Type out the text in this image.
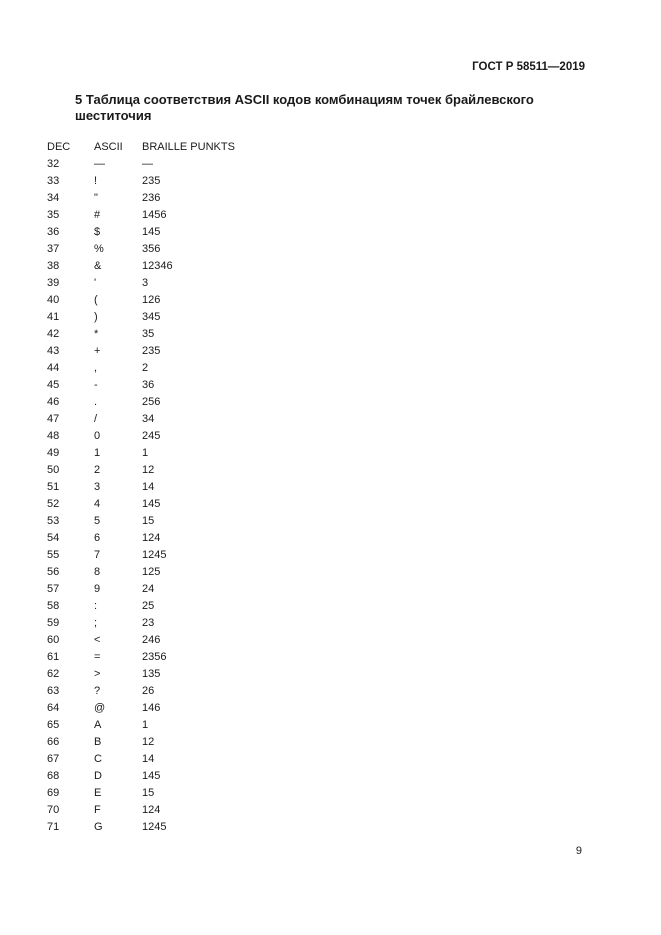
ГОСТ Р 58511—2019
5 Таблица соответствия ASCII кодов комбинациям точек брайлевского шеститочия
DEC	ASCII	BRAILLE PUNKTS
32	—	—
33	!	235
34	"	236
35	#	1456
36	$	145
37	%	356
38	&	12346
39	'	3
40	(	126
41	)	345
42	*	35
43	+	235
44	,	2
45	-	36
46	.	256
47	/	34
48	0	245
49	1	1
50	2	12
51	3	14
52	4	145
53	5	15
54	6	124
55	7	1245
56	8	125
57	9	24
58	:	25
59	;	23
60	<	246
61	=	2356
62	>	135
63	?	26
64	@	146
65	A	1
66	B	12
67	C	14
68	D	145
69	E	15
70	F	124
71	G	1245
9
